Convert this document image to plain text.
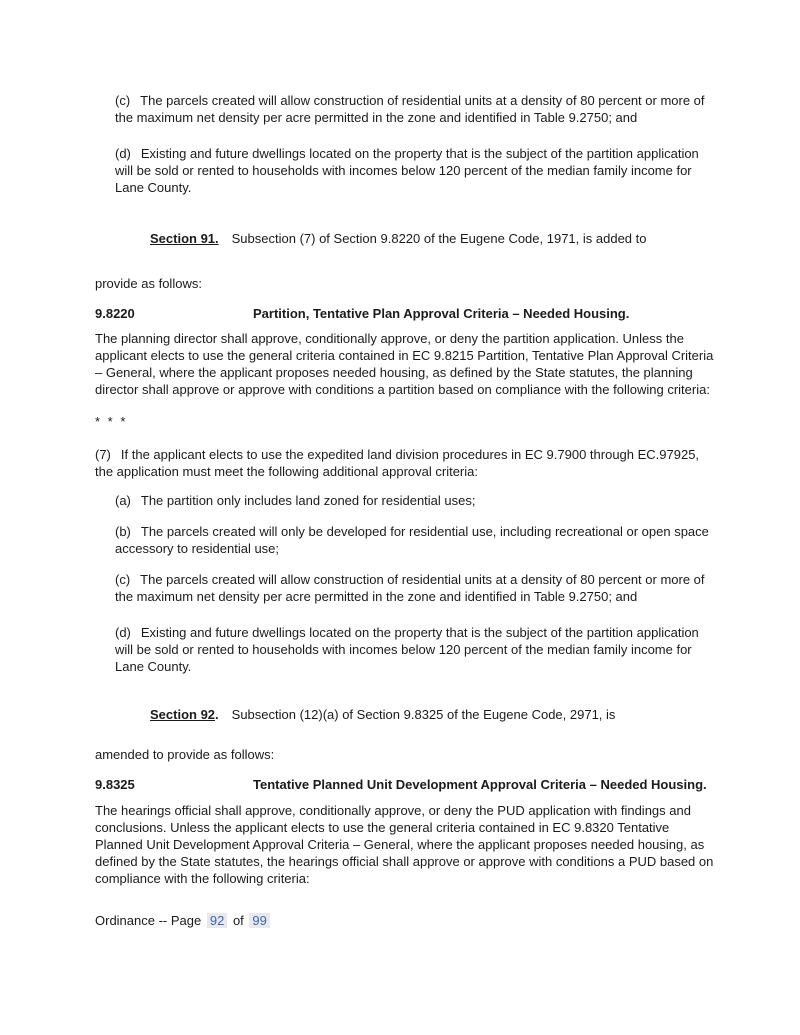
(c) The parcels created will allow construction of residential units at a density of 80 percent or more of the maximum net density per acre permitted in the zone and identified in Table 9.2750; and

(d) Existing and future dwellings located on the property that is the subject of the partition application will be sold or rented to households with incomes below 120 percent of the median family income for Lane County.

Section 91. Subsection (7) of Section 9.8220 of the Eugene Code, 1971, is added to
provide as follows:
9.8220	Partition, Tentative Plan Approval Criteria – Needed Housing.

The planning director shall approve, conditionally approve, or deny the partition application. Unless the applicant elects to use the general criteria contained in EC 9.8215 Partition, Tentative Plan Approval Criteria – General, where the applicant proposes needed housing, as defined by the State statutes, the planning director shall approve or approve with conditions a partition based on compliance with the following criteria:

* * *

(7) If the applicant elects to use the expedited land division procedures in EC 9.7900 through EC.97925, the application must meet the following additional approval criteria:

(a) The partition only includes land zoned for residential uses;

(b) The parcels created will only be developed for residential use, including recreational or open space accessory to residential use;

(c) The parcels created will allow construction of residential units at a density of 80 percent or more of the maximum net density per acre permitted in the zone and identified in Table 9.2750; and

(d) Existing and future dwellings located on the property that is the subject of the partition application will be sold or rented to households with incomes below 120 percent of the median family income for Lane County.

Section 92. Subsection (12)(a) of Section 9.8325 of the Eugene Code, 2971, is
amended to provide as follows:
9.8325	Tentative Planned Unit Development Approval Criteria – Needed Housing.

The hearings official shall approve, conditionally approve, or deny the PUD application with findings and conclusions. Unless the applicant elects to use the general criteria contained in EC 9.8320 Tentative Planned Unit Development Approval Criteria – General, where the applicant proposes needed housing, as defined by the State statutes, the hearings official shall approve or approve with conditions a PUD based on compliance with the following criteria:

Ordinance -- Page 92 of 99
